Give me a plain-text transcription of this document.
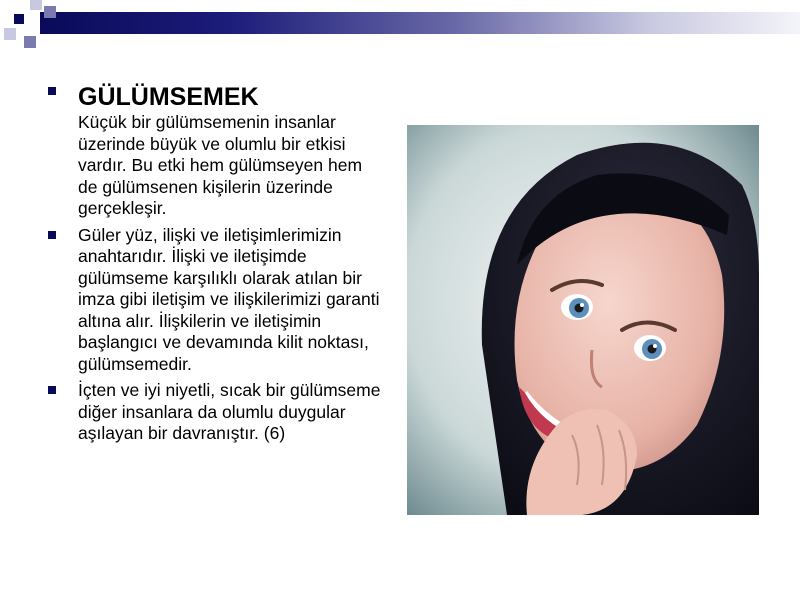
GÜLÜMSEMEK
Küçük bir gülümsemenin insanlar üzerinde büyük ve olumlu bir etkisi vardır. Bu etki hem gülümseyen hem de gülümsenen kişilerin üzerinde gerçekleşir.
Güler yüz, ilişki ve iletişimlerimizin anahtarıdır. İlişki ve iletişimde gülümseme karşılıklı olarak atılan bir imza gibi iletişim ve ilişkilerimizi garanti altına alır. İlişkilerin ve iletişimin başlangıcı ve devamında kilit noktası, gülümsemedir.
İçten ve iyi niyetli, sıcak bir gülümseme diğer insanlara da olumlu duygular aşılayan bir davranıştır. (6)
